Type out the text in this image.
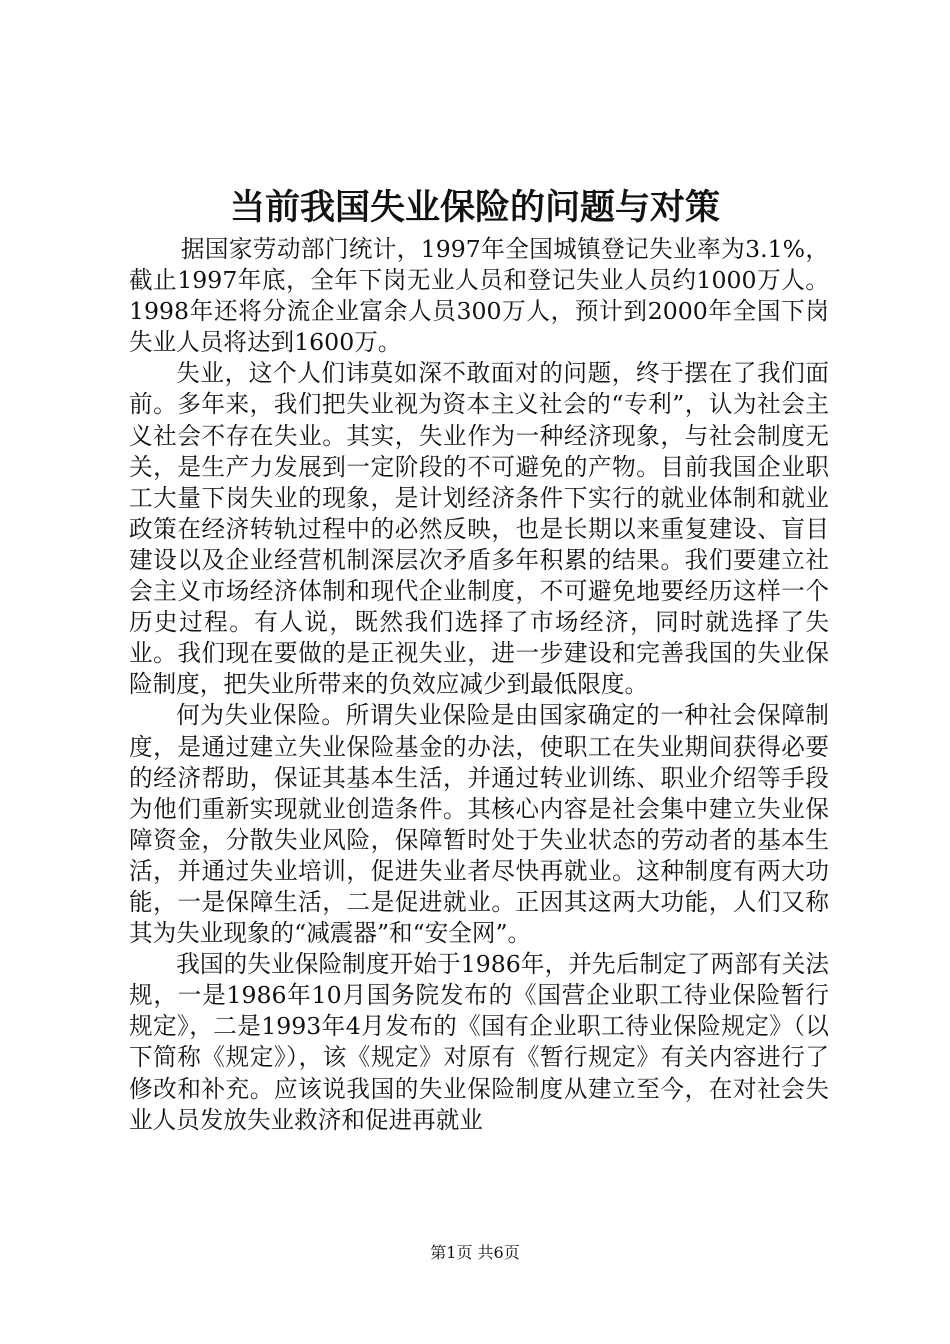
当前我国失业保险的问题与对策

据国家劳动部门统计，1997年全国城镇登记失业率为3.1%，截止1997年底，全年下岗无业人员和登记失业人员约1000万人。1998年还将分流企业富余人员300万人，预计到2000年全国下岗失业人员将达到1600万。

失业，这个人们讳莫如深不敢面对的问题，终于摆在了我们面前。多年来，我们把失业视为资本主义社会的“专利”，认为社会主义社会不存在失业。其实，失业作为一种经济现象，与社会制度无关，是生产力发展到一定阶段的不可避免的产物。目前我国企业职工大量下岗失业的现象，是计划经济条件下实行的就业体制和就业政策在经济转轨过程中的必然反映，也是长期以来重复建设、盲目建设以及企业经营机制深层次矛盾多年积累的结果。我们要建立社会主义市场经济体制和现代企业制度，不可避免地要经历这样一个历史过程。有人说，既然我们选择了市场经济，同时就选择了失业。我们现在要做的是正视失业，进一步建设和完善我国的失业保险制度，把失业所带来的负效应减少到最低限度。

何为失业保险。所谓失业保险是由国家确定的一种社会保障制度，是通过建立失业保险基金的办法，使职工在失业期间获得必要的经济帮助，保证其基本生活，并通过转业训练、职业介绍等手段为他们重新实现就业创造条件。其核心内容是社会集中建立失业保障资金，分散失业风险，保障暂时处于失业状态的劳动者的基本生活，并通过失业培训，促进失业者尽快再就业。这种制度有两大功能，一是保障生活，二是促进就业。正因其这两大功能，人们又称其为失业现象的“减震器”和“安全网”。

我国的失业保险制度开始于1986年，并先后制定了两部有关法规，一是1986年10月国务院发布的《国营企业职工待业保险暂行规定》，二是1993年4月发布的《国有企业职工待业保险规定》（以下简称《规定》），该《规定》对原有《暂行规定》有关内容进行了修改和补充。应该说我国的失业保险制度从建立至今，在对社会失业人员发放失业救济和促进再就业

第1页 共6页
